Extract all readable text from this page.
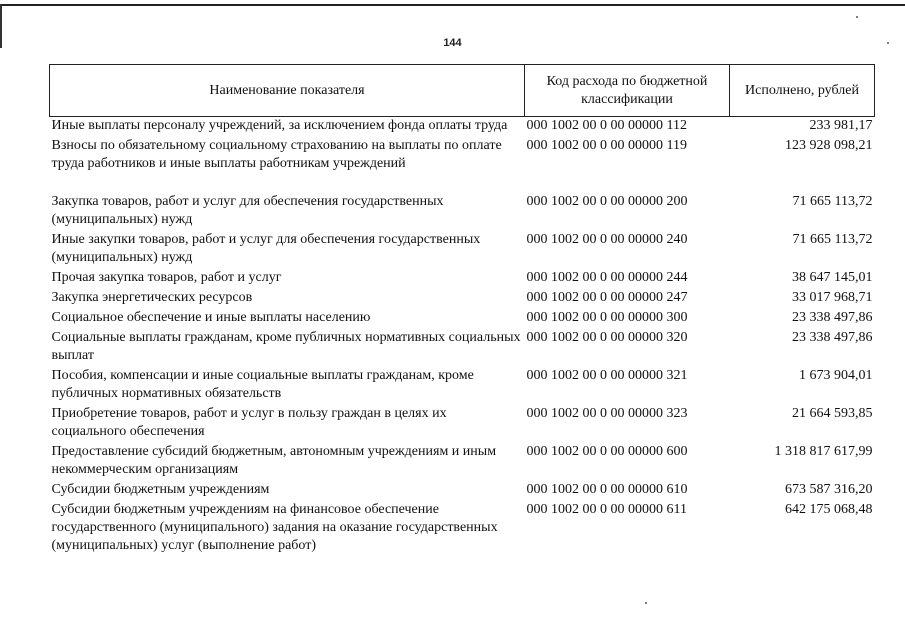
144
Наименование показателя	Код расхода по бюджетной классификации	Исполнено, рублей
Иные выплаты персоналу учреждений, за исключением фонда оплаты труда	000 1002 00 0 00 00000 112	233 981,17
Взносы по обязательному социальному страхованию на выплаты по оплате труда работников и иные выплаты работникам учреждений	000 1002 00 0 00 00000 119	123 928 098,21
Закупка товаров, работ и услуг для обеспечения государственных (муниципальных) нужд	000 1002 00 0 00 00000 200	71 665 113,72
Иные закупки товаров, работ и услуг для обеспечения государственных (муниципальных) нужд	000 1002 00 0 00 00000 240	71 665 113,72
Прочая закупка товаров, работ и услуг	000 1002 00 0 00 00000 244	38 647 145,01
Закупка энергетических ресурсов	000 1002 00 0 00 00000 247	33 017 968,71
Социальное обеспечение и иные выплаты населению	000 1002 00 0 00 00000 300	23 338 497,86
Социальные выплаты гражданам, кроме публичных нормативных социальных выплат	000 1002 00 0 00 00000 320	23 338 497,86
Пособия, компенсации и иные социальные выплаты гражданам, кроме публичных нормативных обязательств	000 1002 00 0 00 00000 321	1 673 904,01
Приобретение товаров, работ и услуг в пользу граждан в целях их социального обеспечения	000 1002 00 0 00 00000 323	21 664 593,85
Предоставление субсидий бюджетным, автономным учреждениям и иным некоммерческим организациям	000 1002 00 0 00 00000 600	1 318 817 617,99
Субсидии бюджетным учреждениям	000 1002 00 0 00 00000 610	673 587 316,20
Субсидии бюджетным учреждениям на финансовое обеспечение государственного (муниципального) задания на оказание государственных (муниципальных) услуг (выполнение работ)	000 1002 00 0 00 00000 611	642 175 068,48
